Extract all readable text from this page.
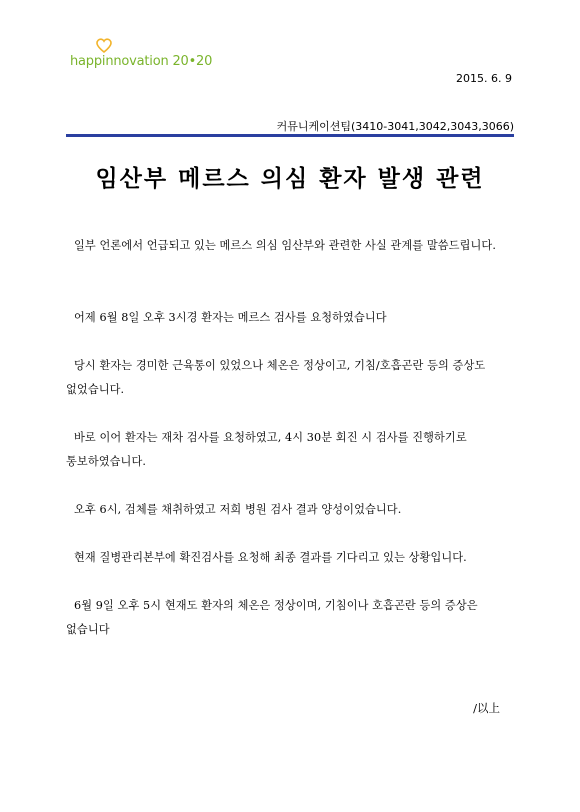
happinnovation 20•20
2015. 6. 9
커뮤니케이션팀(3410-3041,3042,3043,3066)
임산부 메르스 의심 환자 발생 관련

일부 언론에서 언급되고 있는 메르스 의심 임산부와 관련한 사실 관계를 말씀드립니다.

어제 6월 8일 오후 3시경 환자는 메르스 검사를 요청하였습니다

당시 환자는 경미한 근육통이 있었으나 체온은 정상이고, 기침/호흡곤란 등의 증상도 없었습니다.

바로 이어 환자는 재차 검사를 요청하였고, 4시 30분 회진 시 검사를 진행하기로 통보하였습니다.

오후 6시, 검체를 채취하였고 저희 병원 검사 결과 양성이었습니다.

현재 질병관리본부에 확진검사를 요청해 최종 결과를 기다리고 있는 상황입니다.

6월 9일 오후 5시 현재도 환자의 체온은 정상이며, 기침이나 호흡곤란 등의 증상은 없습니다

/以上
